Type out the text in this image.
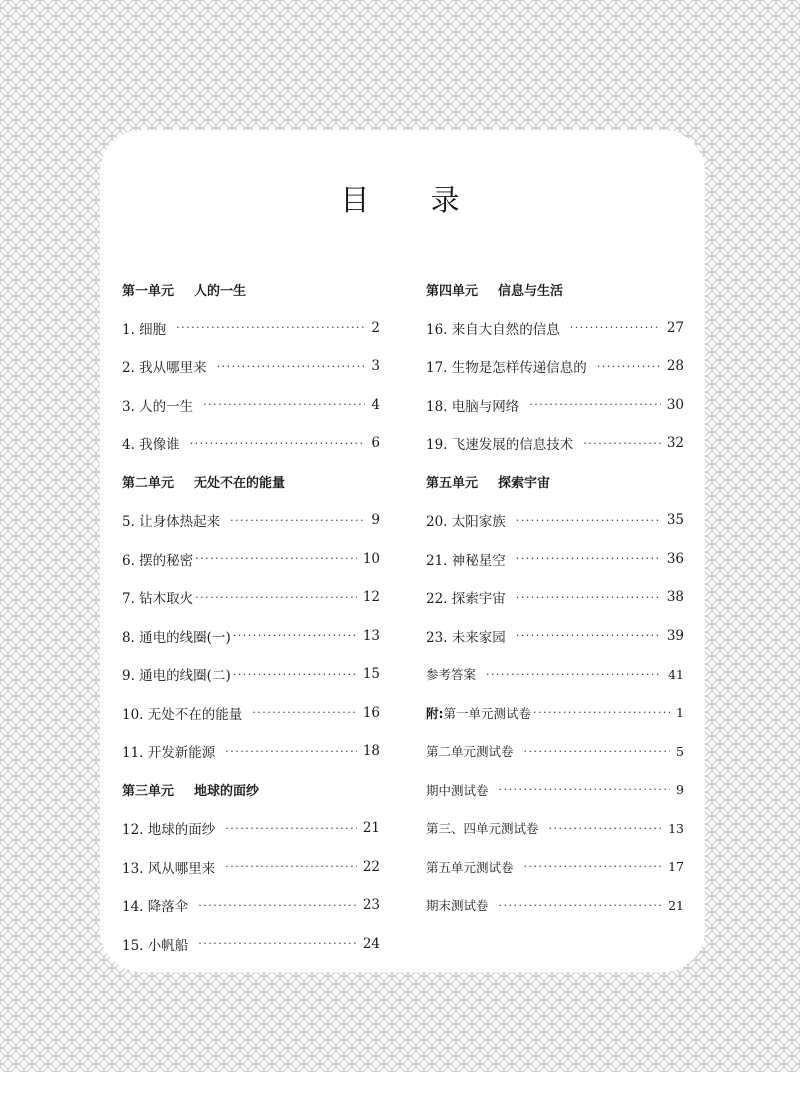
目 录
第一单元 人的一生
1. 细胞 ·····	2
2. 我从哪里来 ·····	3
3. 人的一生 ·····	4
4. 我像谁 ·····	6
第二单元 无处不在的能量
5. 让身体热起来 ·····	9
6. 摆的秘密 ·····	10
7. 钻木取火 ·····	12
8. 通电的线圈(一) ·····	13
9. 通电的线圈(二) ·····	15
10. 无处不在的能量 ·····	16
11. 开发新能源 ·····	18
第三单元 地球的面纱
12. 地球的面纱 ·····	21
13. 风从哪里来 ·····	22
14. 降落伞 ·····	23
15. 小帆船 ·····	24
第四单元 信息与生活
16. 来自大自然的信息 ·····	27
17. 生物是怎样传递信息的 ·····	28
18. 电脑与网络 ·····	30
19. 飞速发展的信息技术 ·····	32
第五单元 探索宇宙
20. 太阳家族 ·····	35
21. 神秘星空 ·····	36
22. 探索宇宙 ·····	38
23. 未来家园 ·····	39
参考答案 ·····	41
附:第一单元测试卷 ·····	1
第二单元测试卷 ·····	5
期中测试卷 ·····	9
第三、四单元测试卷 ·····	13
第五单元测试卷 ·····	17
期末测试卷 ·····	21
